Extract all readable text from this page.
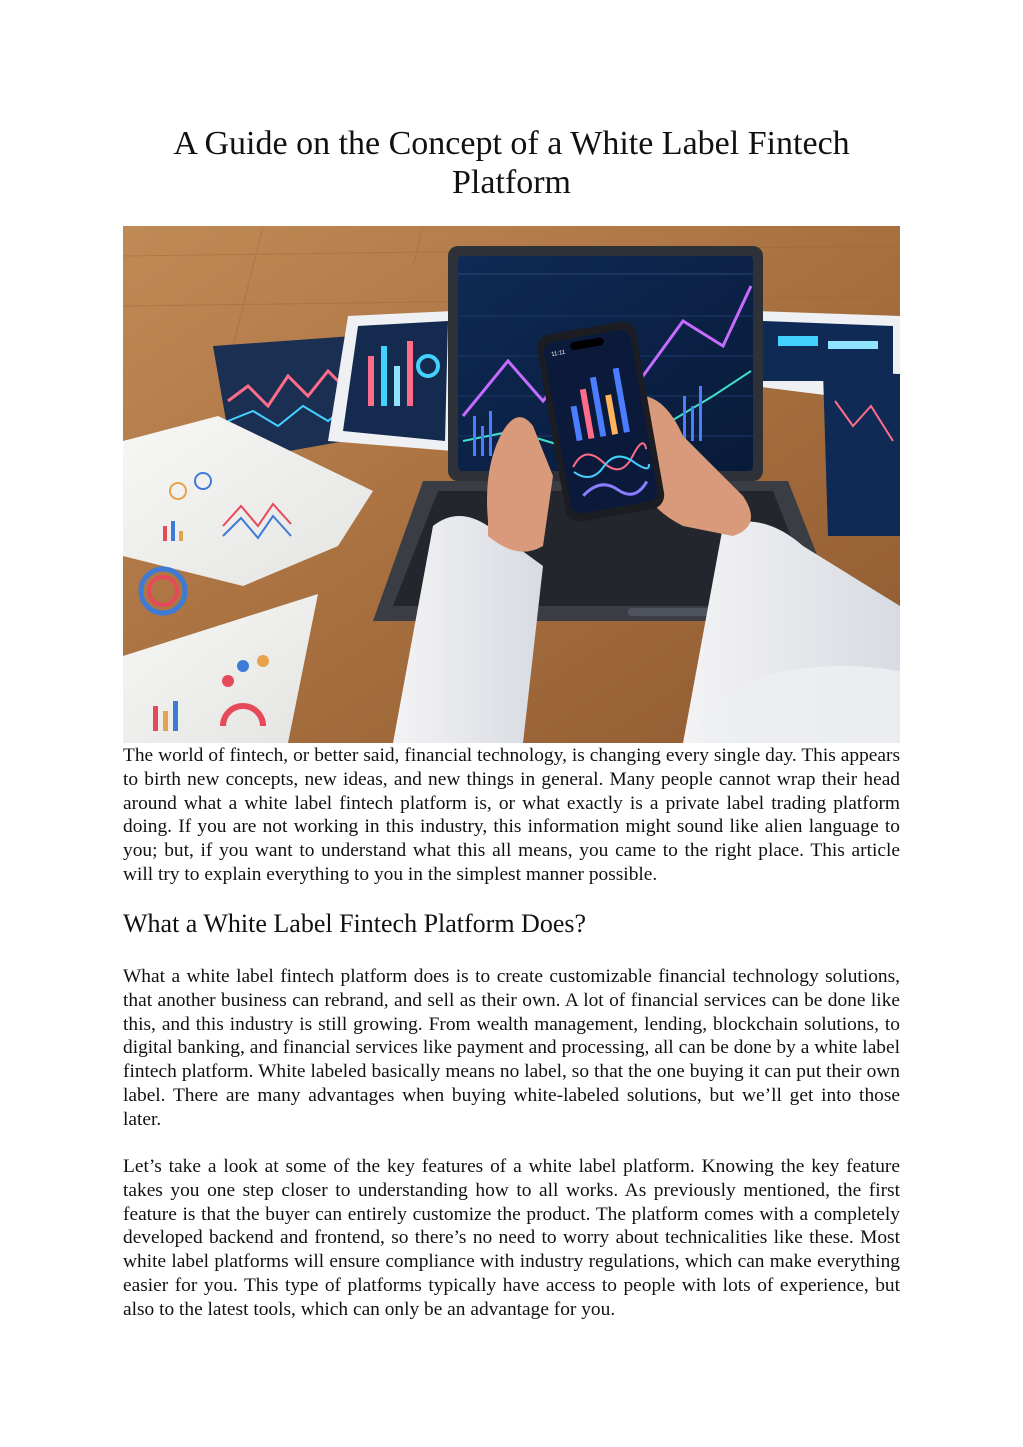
A Guide on the Concept of a White Label Fintech Platform
11:11

The world of fintech, or better said, financial technology, is changing every single day. This appears to birth new concepts, new ideas, and new things in general. Many people cannot wrap their head around what a white label fintech platform is, or what exactly is a private label trading platform doing. If you are not working in this industry, this information might sound like alien language to you; but, if you want to understand what this all means, you came to the right place. This article will try to explain everything to you in the simplest manner possible.

What a White Label Fintech Platform Does?

What a white label fintech platform does is to create customizable financial technology solutions, that another business can rebrand, and sell as their own. A lot of financial services can be done like this, and this industry is still growing. From wealth management, lending, blockchain solutions, to digital banking, and financial services like payment and processing, all can be done by a white label fintech platform. White labeled basically means no label, so that the one buying it can put their own label. There are many advantages when buying white-labeled solutions, but we’ll get into those later.

Let’s take a look at some of the key features of a white label platform. Knowing the key feature takes you one step closer to understanding how to all works. As previously mentioned, the first feature is that the buyer can entirely customize the product. The platform comes with a completely developed backend and frontend, so there’s no need to worry about technicalities like these. Most white label platforms will ensure compliance with industry regulations, which can make everything easier for you. This type of platforms typically have access to people with lots of experience, but also to the latest tools, which can only be an advantage for you.
